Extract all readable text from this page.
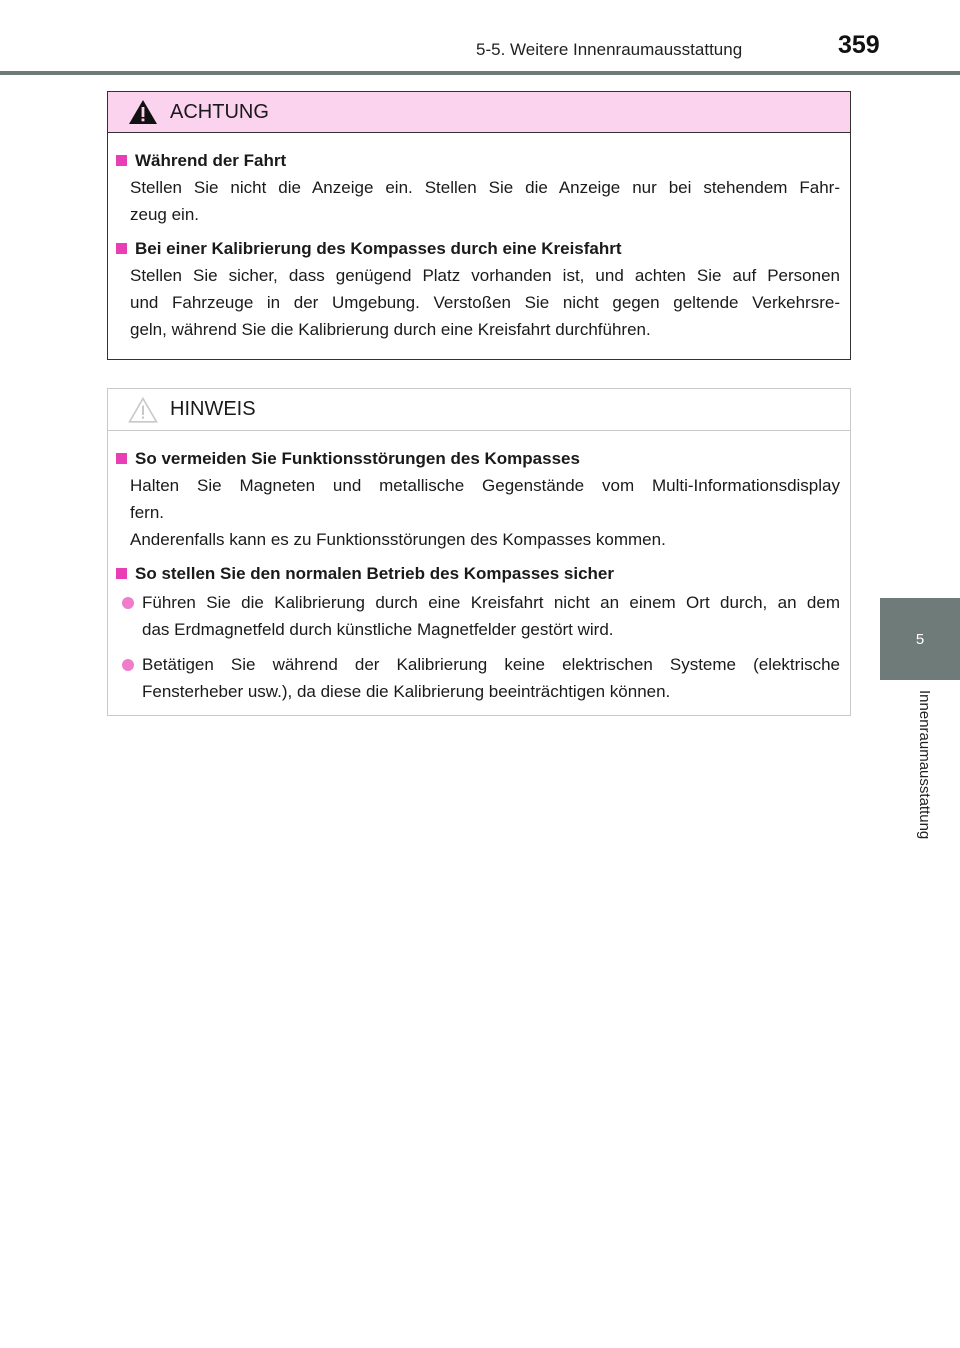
5-5. Weitere Innenraumausstattung	359
5
Innenraumausstattung
ACHTUNG
Während der Fahrt
Stellen Sie nicht die Anzeige ein. Stellen Sie die Anzeige nur bei stehendem Fahr-
zeug ein.
Bei einer Kalibrierung des Kompasses durch eine Kreisfahrt
Stellen Sie sicher, dass genügend Platz vorhanden ist, und achten Sie auf Personen
und Fahrzeuge in der Umgebung. Verstoßen Sie nicht gegen geltende Verkehrsre-
geln, während Sie die Kalibrierung durch eine Kreisfahrt durchführen.
HINWEIS
So vermeiden Sie Funktionsstörungen des Kompasses
Halten Sie Magneten und metallische Gegenstände vom Multi-Informationsdisplay
fern.
Anderenfalls kann es zu Funktionsstörungen des Kompasses kommen.
So stellen Sie den normalen Betrieb des Kompasses sicher
Führen Sie die Kalibrierung durch eine Kreisfahrt nicht an einem Ort durch, an dem
das Erdmagnetfeld durch künstliche Magnetfelder gestört wird.
Betätigen Sie während der Kalibrierung keine elektrischen Systeme (elektrische
Fensterheber usw.), da diese die Kalibrierung beeinträchtigen können.
